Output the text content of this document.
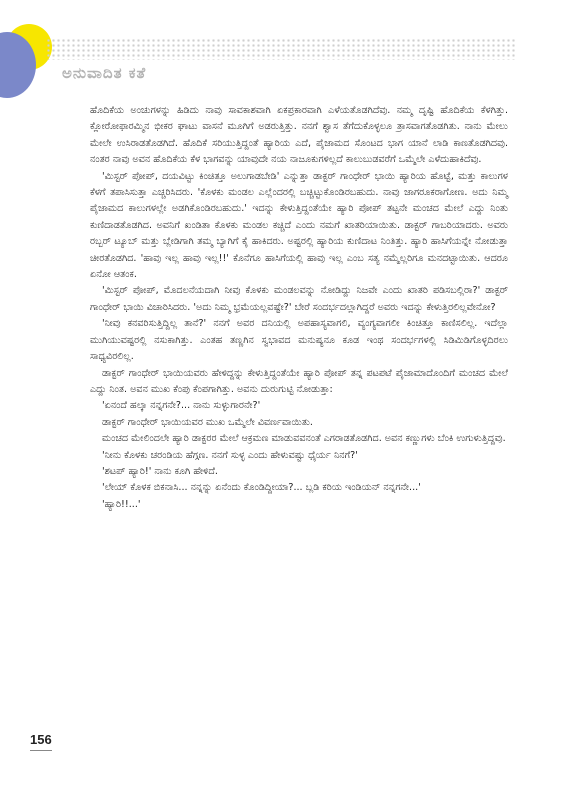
ಅನುವಾದಿತ ಕತೆ

ಹೊದಿಕೆಯ ಅಂಚುಗಳನ್ನು ಹಿಡಿದು ನಾವು ಸಾವಕಾಶವಾಗಿ ಏಕಪ್ರಕಾರವಾಗಿ ಎಳೆಯತೊಡಗಿದೆವು. ನಮ್ಮ ದೃಷ್ಟಿ ಹೊದಿಕೆಯ ಕೆಳಗಿತ್ತು. ಕ್ಲೋರೋಫಾರಮ್ಮಿನ ಭೀಕರ ಘಾಟು ವಾಸನೆ ಮೂಗಿಗೆ ಅಡರುತ್ತಿತ್ತು. ನನಗೆ ಶ್ವಾಸ ತೆಗೆದುಕೊಳ್ಳಲೂ ತ್ರಾಸವಾಗತೊಡಗಿತು. ನಾನು ಮೇಲು ಮೇಲೇ ಉಸಿರಾಡತೊಡಗಿದೆ. ಹೊದಿಕೆ ಸರಿಯುತ್ತಿದ್ದಂತೆ ಹ್ಯಾರಿಯ ಎದೆ, ಪೈಜಾಮದ ಸೊಂಟದ ಭಾಗ ಯಾನೆ ಲಾಡಿ ಕಾಣತೊಡಗಿದವು. ನಂತರ ನಾವು ಅವನ ಹೊದಿಕೆಯ ಕೆಳ ಭಾಗವನ್ನು ಯಾವುದೇ ನಯ ನಾಜೂಕುಗಳಿಲ್ಲದೆ ಕಾಲುಬುಡವರೆಗೆ ಒಮ್ಮೆಲೇ ಎಳೆದುಹಾಕಿದೆವು.

'ಮಿಸ್ಟರ್ ಪೋಪ್, ದಯವಿಟ್ಟು ಕಿಂಚಿತ್ತೂ ಅಲುಗಾಡಬೇಡಿ' ಎನ್ನುತ್ತಾ ಡಾಕ್ಟರ್ ಗಾಂಧೇರ್ ಭಾಯಿ ಹ್ಯಾರಿಯ ಹೊಟ್ಟೆ, ಮತ್ತು ಕಾಲುಗಳ ಕೆಳಗೆ ತಪಾಸಿಸುತ್ತಾ ಎಚ್ಚರಿಸಿದರು. 'ಕೊಳಕು ಮಂಡಲ ಎಲ್ಲೆಂದರಲ್ಲಿ ಬಚ್ಚಿಟ್ಟುಕೊಂಡಿರಬಹುದು. ನಾವು ಜಾಗರೂಕರಾಗೋಣ. ಅದು ನಿಮ್ಮ ಪೈಜಾಮದ ಕಾಲುಗಳಲ್ಲೇ ಅಡಗಿಕೊಂಡಿರಬಹುದು.' ಇದನ್ನು ಕೇಳುತ್ತಿದ್ದಂತೆಯೇ ಹ್ಯಾರಿ ಪೋಪ್ ತಟ್ಟನೇ ಮಂಚದ ಮೇಲೆ ಎದ್ದು ನಿಂತು ಕುಣಿದಾಡತೊಡಗಿದ. ಅವನಿಗೆ ಖಂಡಿತಾ ಕೊಳಕು ಮಂಡಲ ಕಚ್ಚಿದೆ ಎಂದು ನಮಗೆ ಖಾತರಿಯಾಯಿತು. ಡಾಕ್ಟರ್ ಗಾಬರಿಯಾದರು. ಅವರು ರಬ್ಬರ್ ಟ್ಯೂಬ್ ಮತ್ತು ಬ್ಲೇಡಿಗಾಗಿ ತಮ್ಮ ಬ್ಯಾಗಿಗೆ ಕೈ ಹಾಕಿದರು. ಅಷ್ಟರಲ್ಲಿ ಹ್ಯಾರಿಯ ಕುಣಿದಾಟ ನಿಂತಿತ್ತು. ಹ್ಯಾರಿ ಹಾಸಿಗೆಯನ್ನೇ ನೋಡುತ್ತಾ ಚೀರತೊಡಗಿದ. 'ಹಾವು ಇಲ್ಲ ಹಾವು ಇಲ್ಲ!!' ಕೊನೆಗೂ ಹಾಸಿಗೆಯಲ್ಲಿ ಹಾವು ಇಲ್ಲ ಎಂಬ ಸತ್ಯ ನಮ್ಮೆಲ್ಲರಿಗೂ ಮನದಟ್ಟಾಯಿತು. ಆದರೂ ಏನೋ ಆತಂಕ.

'ಮಿಸ್ಟರ್ ಪೋಪ್, ಮೊದಲನೆಯದಾಗಿ ನೀವು ಕೊಳಕು ಮಂಡಲವನ್ನು ನೋಡಿದ್ದು ನಿಜವೇ ಎಂದು ಖಾತರಿ ಪಡಿಸಬಲ್ಲಿರಾ?' ಡಾಕ್ಟರ್ ಗಾಂಧೇರ್ ಭಾಯಿ ವಿಚಾರಿಸಿದರು. 'ಅದು ನಿಮ್ಮ ಭ್ರಮೆಯಲ್ಲವಷ್ಟೇ?' ಬೇರೆ ಸಂದರ್ಭದಲ್ಲಾಗಿದ್ದರೆ ಅವರು ಇದನ್ನು ಕೇಳುತ್ತಿರಲಿಲ್ಲವೇನೋ?

'ನೀವು ಕನವರಿಸುತ್ತಿದ್ದಿಲ್ಲ ತಾನೆ?' ನನಗೆ ಅವರ ದನಿಯಲ್ಲಿ ಅಪಹಾಸ್ಯವಾಗಲಿ, ವ್ಯಂಗ್ಯವಾಗಲೀ ಕಿಂಚಿತ್ತೂ ಕಾಣಿಸಲಿಲ್ಲ. ಇದೆಲ್ಲಾ ಮುಗಿಯುವಷ್ಟರಲ್ಲಿ ನಸುಕಾಗಿತ್ತು. ಎಂತಹ ತಣ್ಣಗಿನ ಸ್ವಭಾವದ ಮನುಷ್ಯನೂ ಕೂಡ ಇಂಥ ಸಂದರ್ಭಗಳಲ್ಲಿ ಸಿಡಿಮಿಡಿಗೊಳ್ಳದಿರಲು ಸಾಧ್ಯವಿರಲಿಲ್ಲ.

ಡಾಕ್ಟರ್ ಗಾಂಧೇರ್ ಭಾಯಿಯವರು ಹೇಳಿದ್ದನ್ನು ಕೇಳುತ್ತಿದ್ದಂತೆಯೇ ಹ್ಯಾರಿ ಪೋಪ್ ತನ್ನ ಪಟಪಟೆ ಪೈಜಾಮಾದೊಂದಿಗೆ ಮಂಚದ ಮೇಲೆ ಎದ್ದು ನಿಂತ. ಅವನ ಮುಖ ಕೆಂಪು ಕೆಂಪಗಾಗಿತ್ತು. ಅವನು ದುರುಗುಟ್ಟಿ ನೋಡುತ್ತಾ:

'ಏನಂದೆ ಹಲ್ಕಾ ನನ್ನಗನೇ?... ನಾನು ಸುಳ್ಳುಗಾರನೇ?'

ಡಾಕ್ಟರ್ ಗಾಂಧೇರ್ ಭಾಯಿಯವರ ಮುಖ ಒಮ್ಮೆಲೇ ವಿವರ್ಣವಾಯಿತು.

ಮಂಚದ ಮೇಲಿಂದಲೇ ಹ್ಯಾರಿ ಡಾಕ್ಟರರ ಮೇಲೆ ಆಕ್ರಮಣ ಮಾಡುವವನಂತೆ ಎಗರಾಡತೊಡಗಿದ. ಅವನ ಕಣ್ಣುಗಳು ಬೆಂಕಿ ಉಗುಳುತ್ತಿದ್ದವು.

'ನೀನು ಕೊಳಕು ಚರಂಡಿಯ ಹೆಗ್ಗಣ. ನನಗೆ ಸುಳ್ಳ ಎಂದು ಹೇಳುವಷ್ಟು ಧೈರ್ಯ ನಿನಗೆ?'

'ಶಟಪ್ ಹ್ಯಾರಿ!' ನಾನು ಕೂಗಿ ಹೇಳಿದೆ.

'ಲೇಯ್ ಕೊಳಕ ಬಿಕನಾಸಿ... ನನ್ನನ್ನು ಏನೆಂದು ಕೊಂಡಿದ್ದೀಯಾ?... ಬ್ಲಡಿ ಕರಿಯ ಇಂಡಿಯನ್ ನನ್ನಗನೇ...'

'ಹ್ಯಾರಿ!!...'

156
